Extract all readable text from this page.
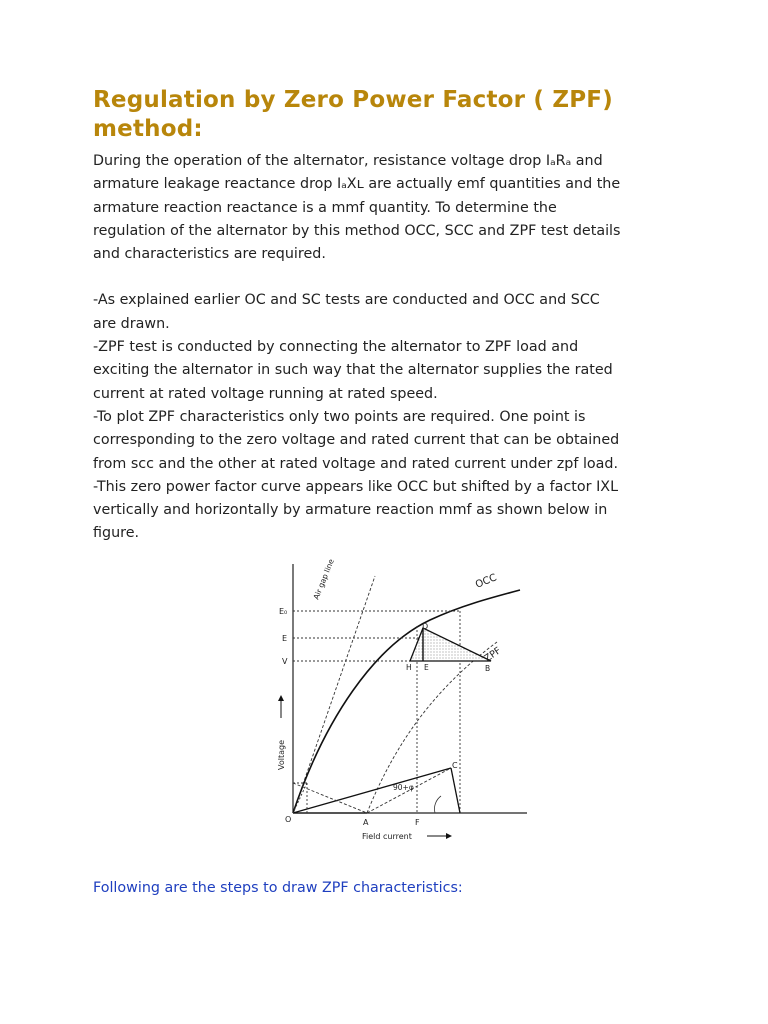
Regulation by Zero Power Factor ( ZPF) method:

During the operation of the alternator, resistance voltage drop IₐRₐ and

armature leakage reactance drop IₐXʟ are actually emf quantities and the

armature reaction reactance is a mmf quantity. To determine the

regulation of the alternator by this method OCC, SCC and ZPF test details

and characteristics are required.

-As explained earlier OC and SC tests are conducted and OCC and SCC

are drawn.

-ZPF test is conducted by connecting the alternator to ZPF load and

exciting the alternator in such way that the alternator supplies the rated

current at rated voltage running at rated speed.

-To plot ZPF characteristics only two points are required. One point is

corresponding to the zero voltage and rated current that can be obtained

from scc and the other at rated voltage and rated current under zpf load.

-This zero power factor curve appears like OCC but shifted by a factor IXL

vertically and horizontally by armature reaction mmf as shown below in

figure.

Air gap line	OCC
ZPF
E₀
E
V
D
H E	B
C
90+φ
O	A	F
Voltage
Field current

Following are the steps to draw ZPF characteristics:
